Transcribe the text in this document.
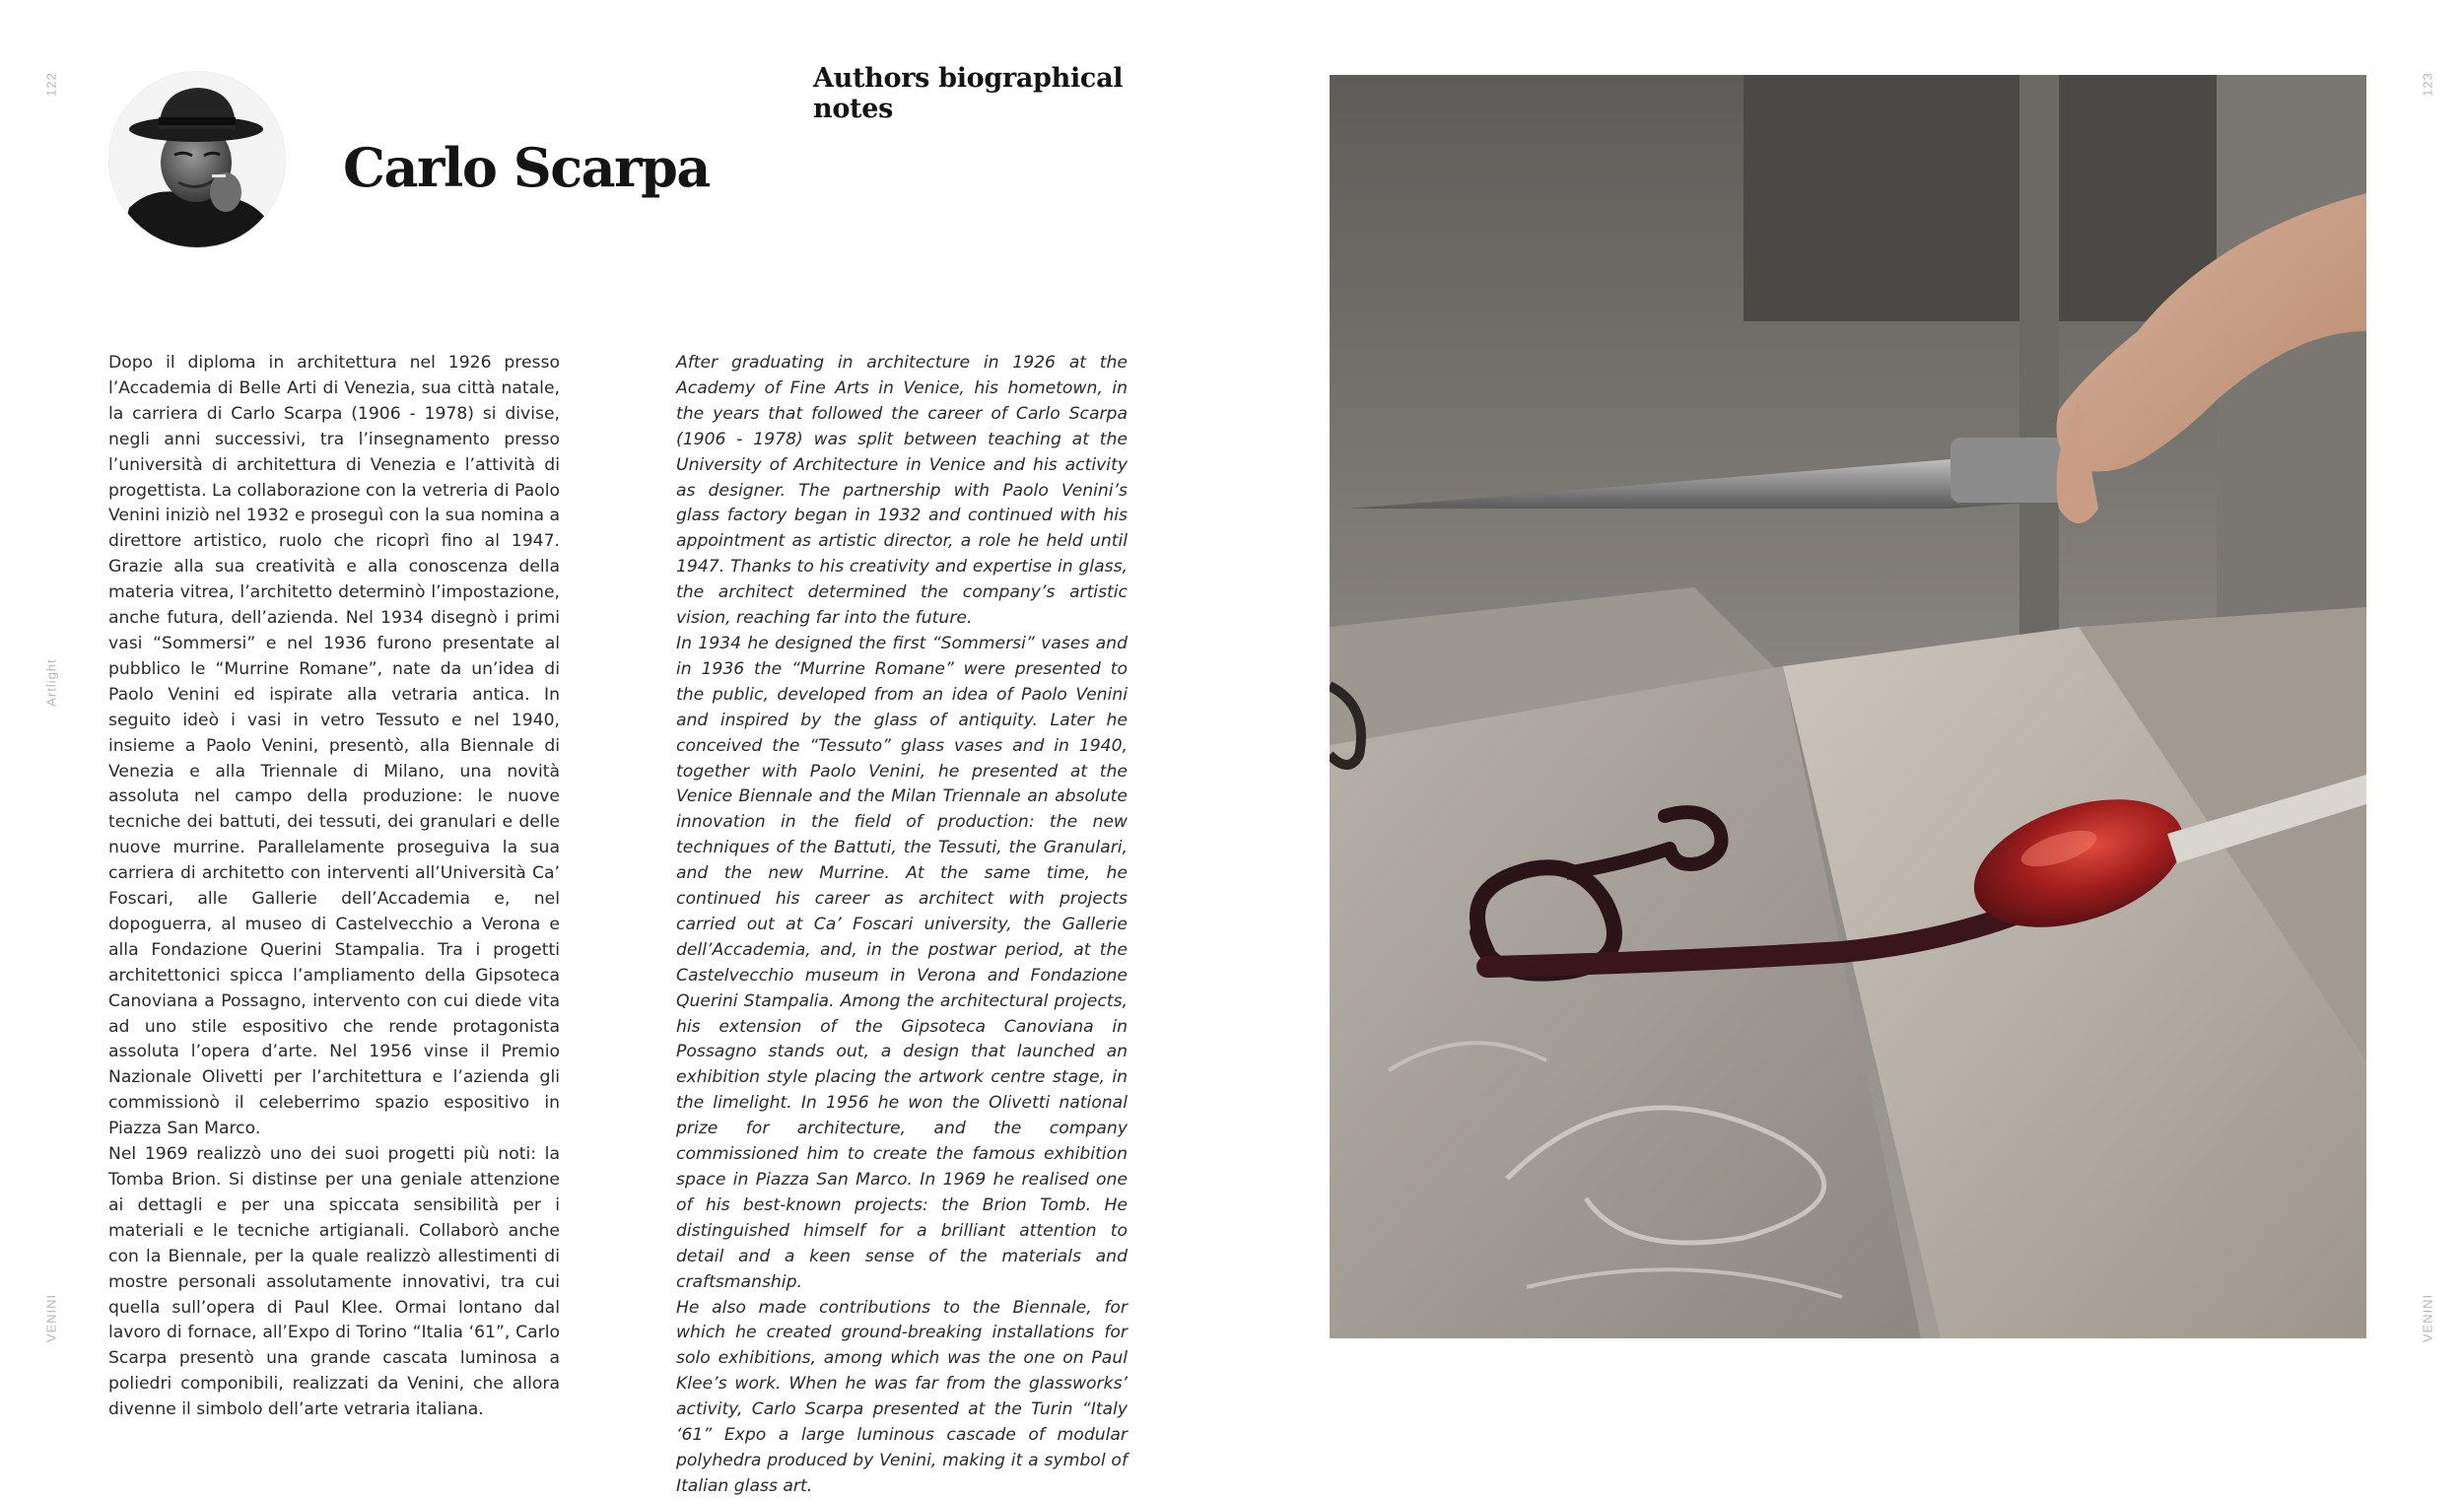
122
Artlight
VENINI
123
VENINI
Authors biographical notes
Carlo Scarpa

Dopo il diploma in architettura nel 1926 presso l’Accademia di Belle Arti di Venezia, sua città natale, la carriera di Carlo Scarpa (1906 - 1978) si divise, negli anni successivi, tra l’insegnamento presso l’università di architettura di Venezia e l’attività di progettista. La collaborazione con la vetreria di Paolo Venini iniziò nel 1932 e proseguì con la sua nomina a direttore artistico, ruolo che ricoprì fino al 1947. Grazie alla sua creatività e alla conoscenza della materia vitrea, l’architetto determinò l’impostazione, anche futura, dell’azienda. Nel 1934 disegnò i primi vasi “Sommersi” e nel 1936 furono presentate al pubblico le “Murrine Romane”, nate da un’idea di Paolo Venini ed ispirate alla vetraria antica. In seguito ideò i vasi in vetro Tessuto e nel 1940, insieme a Paolo Venini, presentò, alla Biennale di Venezia e alla Triennale di Milano, una novità assoluta nel campo della produzione: le nuove tecniche dei battuti, dei tessuti, dei granulari e delle nuove murrine. Parallelamente proseguiva la sua carriera di architetto con interventi all’Università Ca’ Foscari, alle Gallerie dell’Accademia e, nel dopoguerra, al museo di Castelvecchio a Verona e alla Fondazione Querini Stampalia. Tra i progetti architettonici spicca l’ampliamento della Gipsoteca Canoviana a Possagno, intervento con cui diede vita ad uno stile espositivo che rende protagonista assoluta l’opera d’arte. Nel 1956 vinse il Premio Nazionale Olivetti per l’architettura e l’azienda gli commissionò il celeberrimo spazio espositivo in Piazza San Marco.

Nel 1969 realizzò uno dei suoi progetti più noti: la Tomba Brion. Si distinse per una geniale attenzione ai dettagli e per una spiccata sensibilità per i materiali e le tecniche artigianali. Collaborò anche con la Biennale, per la quale realizzò allestimenti di mostre personali assolutamente innovativi, tra cui quella sull’opera di Paul Klee. Ormai lontano dal lavoro di fornace, all’Expo di Torino “Italia ‘61”, Carlo Scarpa presentò una grande cascata luminosa a poliedri componibili, realizzati da Venini, che allora divenne il simbolo dell’arte vetraria italiana.

After graduating in architecture in 1926 at the Academy of Fine Arts in Venice, his hometown, in the years that followed the career of Carlo Scarpa (1906 - 1978) was split between teaching at the University of Architecture in Venice and his activity as designer. The partnership with Paolo Venini’s glass factory began in 1932 and continued with his appointment as artistic director, a role he held until 1947. Thanks to his creativity and expertise in glass, the architect determined the company’s artistic vision, reaching far into the future.

In 1934 he designed the first “Sommersi” vases and in 1936 the “Murrine Romane” were presented to the public, developed from an idea of Paolo Venini and inspired by the glass of antiquity. Later he conceived the “Tessuto” glass vases and in 1940, together with Paolo Venini, he presented at the Venice Biennale and the Milan Triennale an absolute innovation in the field of production: the new techniques of the Battuti, the Tessuti, the Granulari, and the new Murrine. At the same time, he continued his career as architect with projects carried out at Ca’ Foscari university, the Gallerie dell’Accademia, and, in the postwar period, at the Castelvecchio museum in Verona and Fondazione Querini Stampalia. Among the architectural projects, his extension of the Gipsoteca Canoviana in Possagno stands out, a design that launched an exhibition style placing the artwork centre stage, in the limelight. In 1956 he won the Olivetti national prize for architecture, and the company commissioned him to create the famous exhibition space in Piazza San Marco. In 1969 he realised one of his best-known projects: the Brion Tomb. He distinguished himself for a brilliant attention to detail and a keen sense of the materials and craftsmanship.

He also made contributions to the Biennale, for which he created ground-breaking installations for solo exhibitions, among which was the one on Paul Klee’s work. When he was far from the glassworks’ activity, Carlo Scarpa presented at the Turin “Italy ‘61” Expo a large luminous cascade of modular polyhedra produced by Venini, making it a symbol of Italian glass art.
